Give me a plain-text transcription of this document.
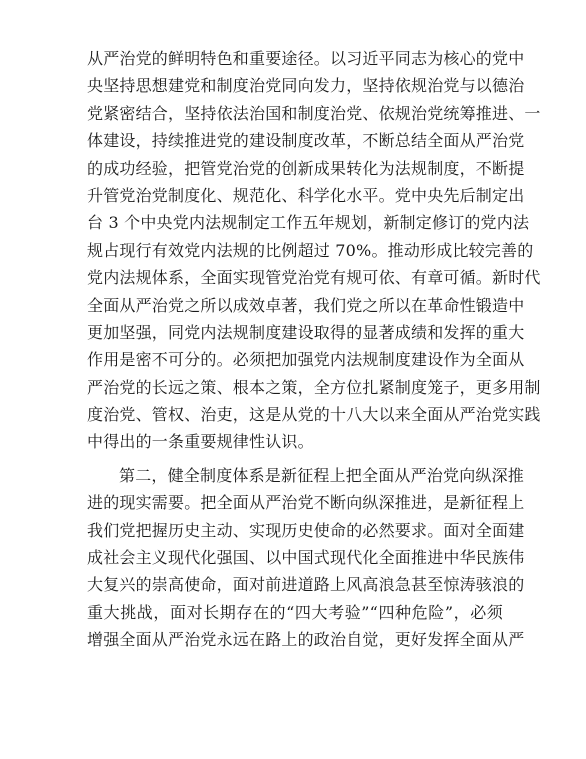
从严治党的鲜明特色和重要途径。以习近平同志为核心的党中
央坚持思想建党和制度治党同向发力，坚持依规治党与以德治
党紧密结合，坚持依法治国和制度治党、依规治党统筹推进、一
体建设，持续推进党的建设制度改革，不断总结全面从严治党
的成功经验，把管党治党的创新成果转化为法规制度，不断提
升管党治党制度化、规范化、科学化水平。党中央先后制定出
台 3 个中央党内法规制定工作五年规划，新制定修订的党内法
规占现行有效党内法规的比例超过 70%。推动形成比较完善的
党内法规体系，全面实现管党治党有规可依、有章可循。新时代
全面从严治党之所以成效卓著，我们党之所以在革命性锻造中
更加坚强，同党内法规制度建设取得的显著成绩和发挥的重大
作用是密不可分的。必须把加强党内法规制度建设作为全面从
严治党的长远之策、根本之策，全方位扎紧制度笼子，更多用制
度治党、管权、治吏，这是从党的十八大以来全面从严治党实践
中得出的一条重要规律性认识。
第二，健全制度体系是新征程上把全面从严治党向纵深推
进的现实需要。把全面从严治党不断向纵深推进，是新征程上
我们党把握历史主动、实现历史使命的必然要求。面对全面建
成社会主义现代化强国、以中国式现代化全面推进中华民族伟
大复兴的崇高使命，面对前进道路上风高浪急甚至惊涛骇浪的
重大挑战，面对长期存在的“四大考验”“四种危险”，必须
增强全面从严治党永远在路上的政治自觉，更好发挥全面从严
